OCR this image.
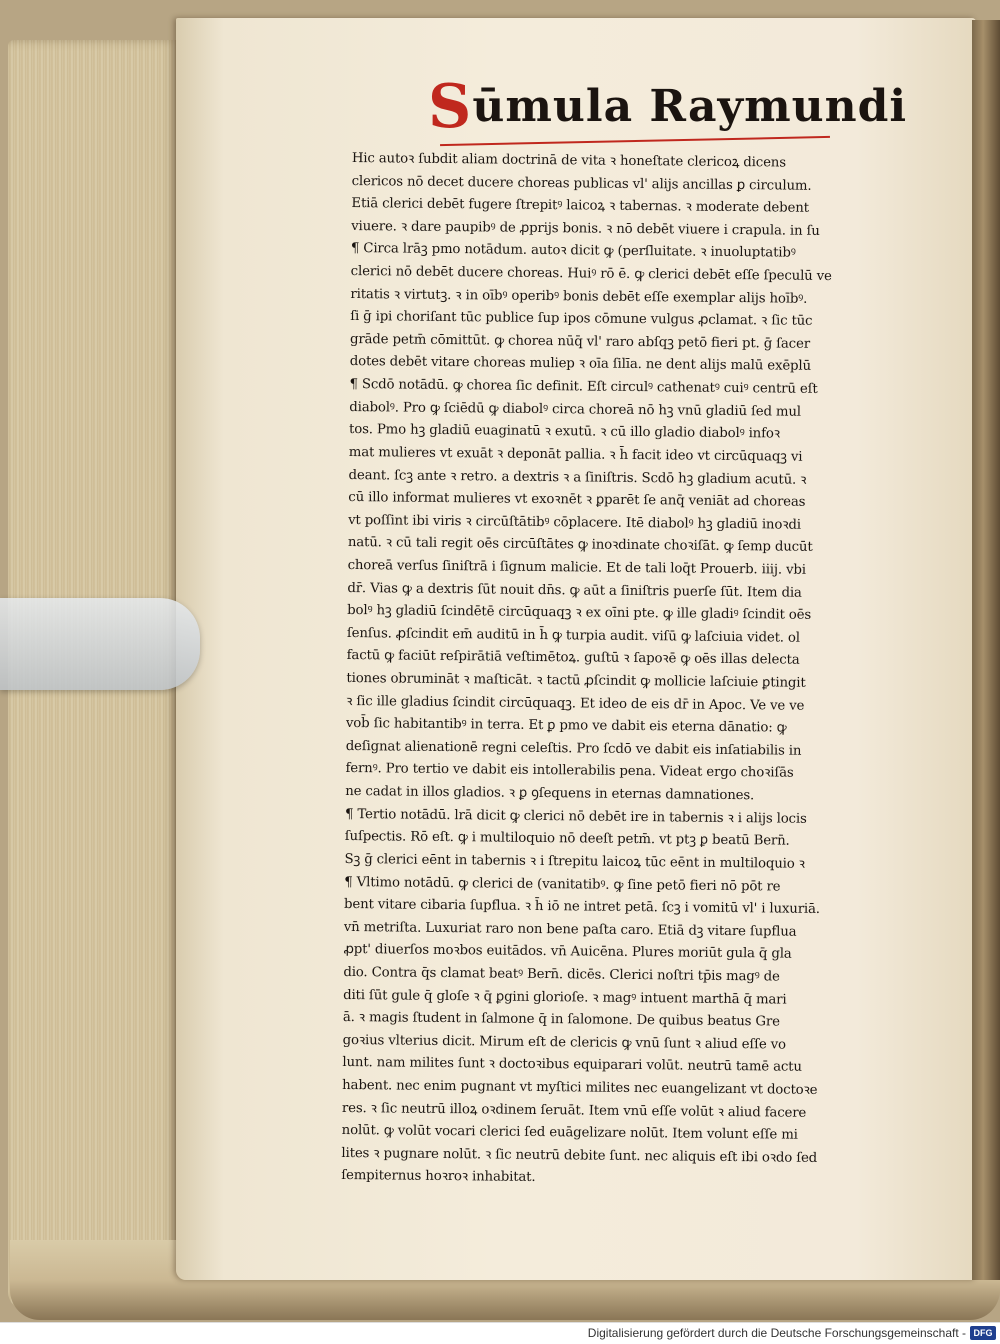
Sūmula Raymundi
Hic autoꝛ ſubdit aliam doctrinā de vita ꝛ honeſtate clericoꝝ dicens
clericos nō decet ducere choreas publicas vl' alijs ancillas ꝑ circulum.
Etiā clerici debēt fugere ſtrepitꝰ laicoꝝ ꝛ tabernas. ꝛ moderate debent
viuere. ꝛ dare paupibꝰ de ꝓprijs bonis. ꝛ nō debēt viuere i crapula. in ſu
¶ Circa lrāꝫ pmo notādum. autoꝛ dicit ꝙ (perſluitate. ꝛ inuoluptatibꝰ
clerici nō debēt ducere choreas. Huiꝰ rō ē. ꝙ clerici debēt eſſe ſpeculū ve
ritatis ꝛ virtutꝫ. ꝛ in oībꝰ operibꝰ bonis debēt eſſe exemplar alijs hoībꝰ.
ſi ḡ ipi choriſant tūc publice ſup ipos cōmune vulgus ꝓclamat. ꝛ ſic tūc
grāde petm̄ cōmittūt. ꝙ chorea nūq̄ vl' raro abſqꝫ petō fieri pt. ḡ ſacer
dotes debēt vitare choreas muliep ꝛ oīa ſilīa. ne dent alijs malū exēplū
¶ Scdō notādū. ꝙ chorea ſic definit. Eſt circulꝰ cathenatꝰ cuiꝰ centrū eſt
diabolꝰ. Pro ꝙ ſciēdū ꝙ diabolꝰ circa choreā nō hꝫ vnū gladiū ſed mul
tos. Pmo hꝫ gladiū euaginatū ꝛ exutū. ꝛ cū illo gladio diabolꝰ infoꝛ
mat mulieres vt exuāt ꝛ deponāt pallia. ꝛ h̄ facit ideo vt circūquaqꝫ vi
deant. ſcꝫ ante ꝛ retro. a dextris ꝛ a ſiniſtris. Scdō hꝫ gladium acutū. ꝛ
cū illo informat mulieres vt exoꝛnēt ꝛ ꝑparēt ſe anq̄ veniāt ad choreas
vt poſſint ibi viris ꝛ circūſtātibꝰ cōplacere. Itē diabolꝰ hꝫ gladiū inoꝛdi
natū. ꝛ cū tali regit oēs circūſtātes ꝙ inoꝛdinate choꝛiſāt. ꝙ ſemp ducūt
choreā verſus ſiniſtrā i ſignum malicie. Et de tali loq̄t Prouerb. iiij. vbi
dr̄. Vias ꝙ a dextris ſūt nouit dn̄s. ꝙ aūt a ſiniſtris puerſe ſūt. Item dia
bolꝰ hꝫ gladiū ſcindētē circūquaqꝫ ꝛ ex oīni pte. ꝙ ille gladiꝰ ſcindit oēs
ſenſus. ꝓſcindit em̄ auditū in h̄ ꝙ turpia audit. viſū ꝙ laſciuia videt. ol
factū ꝙ faciūt reſpirātiā veſtimētoꝝ. guſtū ꝛ ſapoꝛē ꝙ oēs illas delecta
tiones obrumināt ꝛ maſticāt. ꝛ tactū ꝓſcindit ꝙ mollicie laſciuie ꝑtingit
ꝛ ſic ille gladius ſcindit circūquaqꝫ. Et ideo de eis dr̄ in Apoc. Ve ve ve
vob̄ ſic habitantibꝰ in terra. Et ꝑ pmo ve dabit eis eterna dānatio: ꝙ
deſignat alienationē regni celeſtis. Pro ſcdō ve dabit eis inſatiabilis in
fernꝰ. Pro tertio ve dabit eis intollerabilis pena. Videat ergo choꝛiſās
ne cadat in illos gladios. ꝛ ꝑ ꝯſequens in eternas damnationes.
¶ Tertio notādū. lrā dicit ꝙ clerici nō debēt ire in tabernis ꝛ i alijs locis
ſuſpectis. Rō eſt. ꝙ i multiloquio nō deeſt petm̄. vt ptꝫ ꝑ beatū Bern̄.
Sꝫ ḡ clerici eēnt in tabernis ꝛ i ſtrepitu laicoꝝ tūc eēnt in multiloquio ꝛ
¶ Vltimo notādū. ꝙ clerici de (vanitatibꝰ. ꝙ ſine petō fieri nō pōt re
bent vitare cibaria ſupflua. ꝛ h̄ iō ne intret petā. ſcꝫ i vomitū vl' i luxuriā.
vn̄ metriſta. Luxuriat raro non bene paſta caro. Etiā dꝫ vitare ſupflua
ꝓpt' diuerſos moꝛbos euitādos. vn̄ Auicēna. Plures moriūt gula q̄ gla
dio. Contra q̄s clamat beatꝰ Bern̄. dicēs. Clerici noſtri tp̄is magꝰ de
diti ſūt gule q̄ gloſe ꝛ q̄ ꝑgini glorioſe. ꝛ magꝰ intuent marthā q̄ mari
ā. ꝛ magis ſtudent in ſalmone q̄ in ſalomone. De quibus beatus Gre
goꝛius vlterius dicit. Mirum eſt de clericis ꝙ vnū ſunt ꝛ aliud eſſe vo
lunt. nam milites ſunt ꝛ doctoꝛibus equiparari volūt. neutrū tamē actu
habent. nec enim pugnant vt myſtici milites nec euangelizant vt doctoꝛe
res. ꝛ ſic neutrū illoꝝ oꝛdinem ſeruāt. Item vnū eſſe volūt ꝛ aliud facere
nolūt. ꝙ volūt vocari clerici ſed euāgelizare nolūt. Item volunt eſſe mi
lites ꝛ pugnare nolūt. ꝛ ſic neutrū debite ſunt. nec aliquis eſt ibi oꝛdo ſed
ſempiternus hoꝛroꝛ inhabitat.
Digitalisierung gefördert durch die Deutsche Forschungsgemeinschaft - DFG
